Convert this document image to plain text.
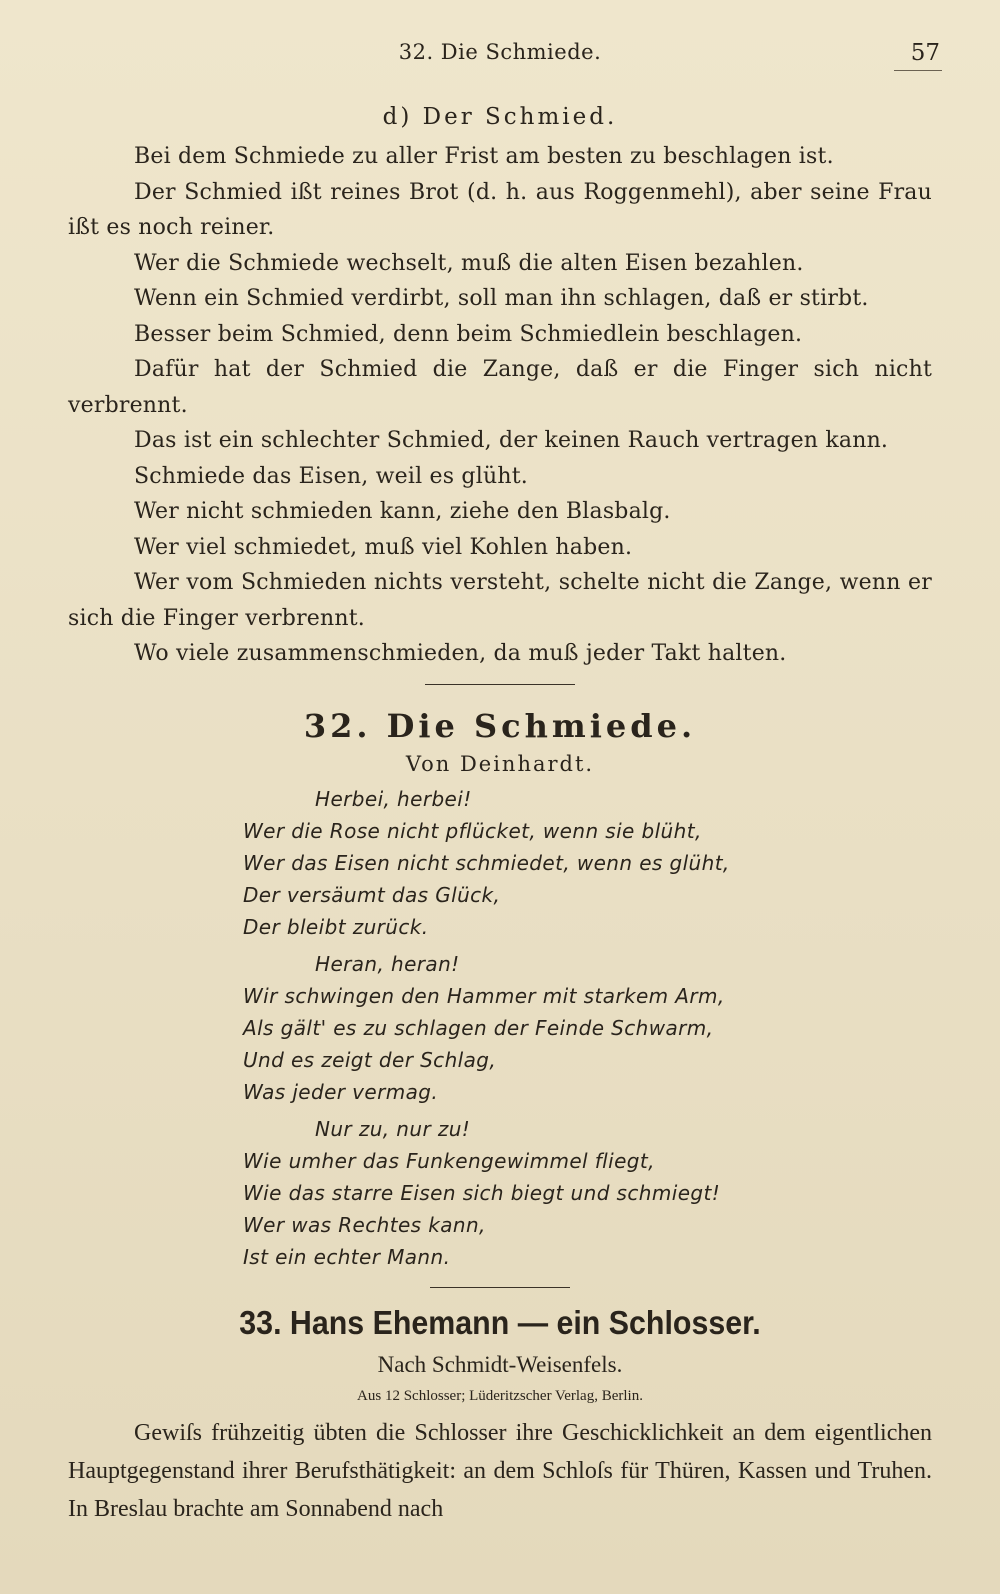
32. Die Schmiede.	57
d) Der Schmied.
Bei dem Schmiede zu aller Frist am besten zu beschlagen ist.
Der Schmied ißt reines Brot (d. h. aus Roggenmehl), aber seine Frau ißt es noch reiner.
Wer die Schmiede wechselt, muß die alten Eisen bezahlen.
Wenn ein Schmied verdirbt, soll man ihn schlagen, daß er stirbt.
Besser beim Schmied, denn beim Schmiedlein beschlagen.
Dafür hat der Schmied die Zange, daß er die Finger sich nicht verbrennt.
Das ist ein schlechter Schmied, der keinen Rauch vertragen kann.
Schmiede das Eisen, weil es glüht.
Wer nicht schmieden kann, ziehe den Blasbalg.
Wer viel schmiedet, muß viel Kohlen haben.
Wer vom Schmieden nichts versteht, schelte nicht die Zange, wenn er sich die Finger verbrennt.
Wo viele zusammenschmieden, da muß jeder Takt halten.
32. Die Schmiede.
Von Deinhardt.
Herbei, herbei!
Wer die Rose nicht pflücket, wenn sie blüht,
Wer das Eisen nicht schmiedet, wenn es glüht,
Der versäumt das Glück,
Der bleibt zurück.
Heran, heran!
Wir schwingen den Hammer mit starkem Arm,
Als gält' es zu schlagen der Feinde Schwarm,
Und es zeigt der Schlag,
Was jeder vermag.
Nur zu, nur zu!
Wie umher das Funkengewimmel fliegt,
Wie das starre Eisen sich biegt und schmiegt!
Wer was Rechtes kann,
Ist ein echter Mann.
33. Hans Ehemann — ein Schlosser.
Nach Schmidt-Weisenfels.
Aus 12 Schlosser; Lüderitzscher Verlag, Berlin.

Gewiſs frühzeitig übten die Schlosser ihre Geschicklichkeit an dem eigentlichen Hauptgegenstand ihrer Berufsthätigkeit: an dem Schloſs für Thüren, Kassen und Truhen. In Breslau brachte am Sonnabend nach
